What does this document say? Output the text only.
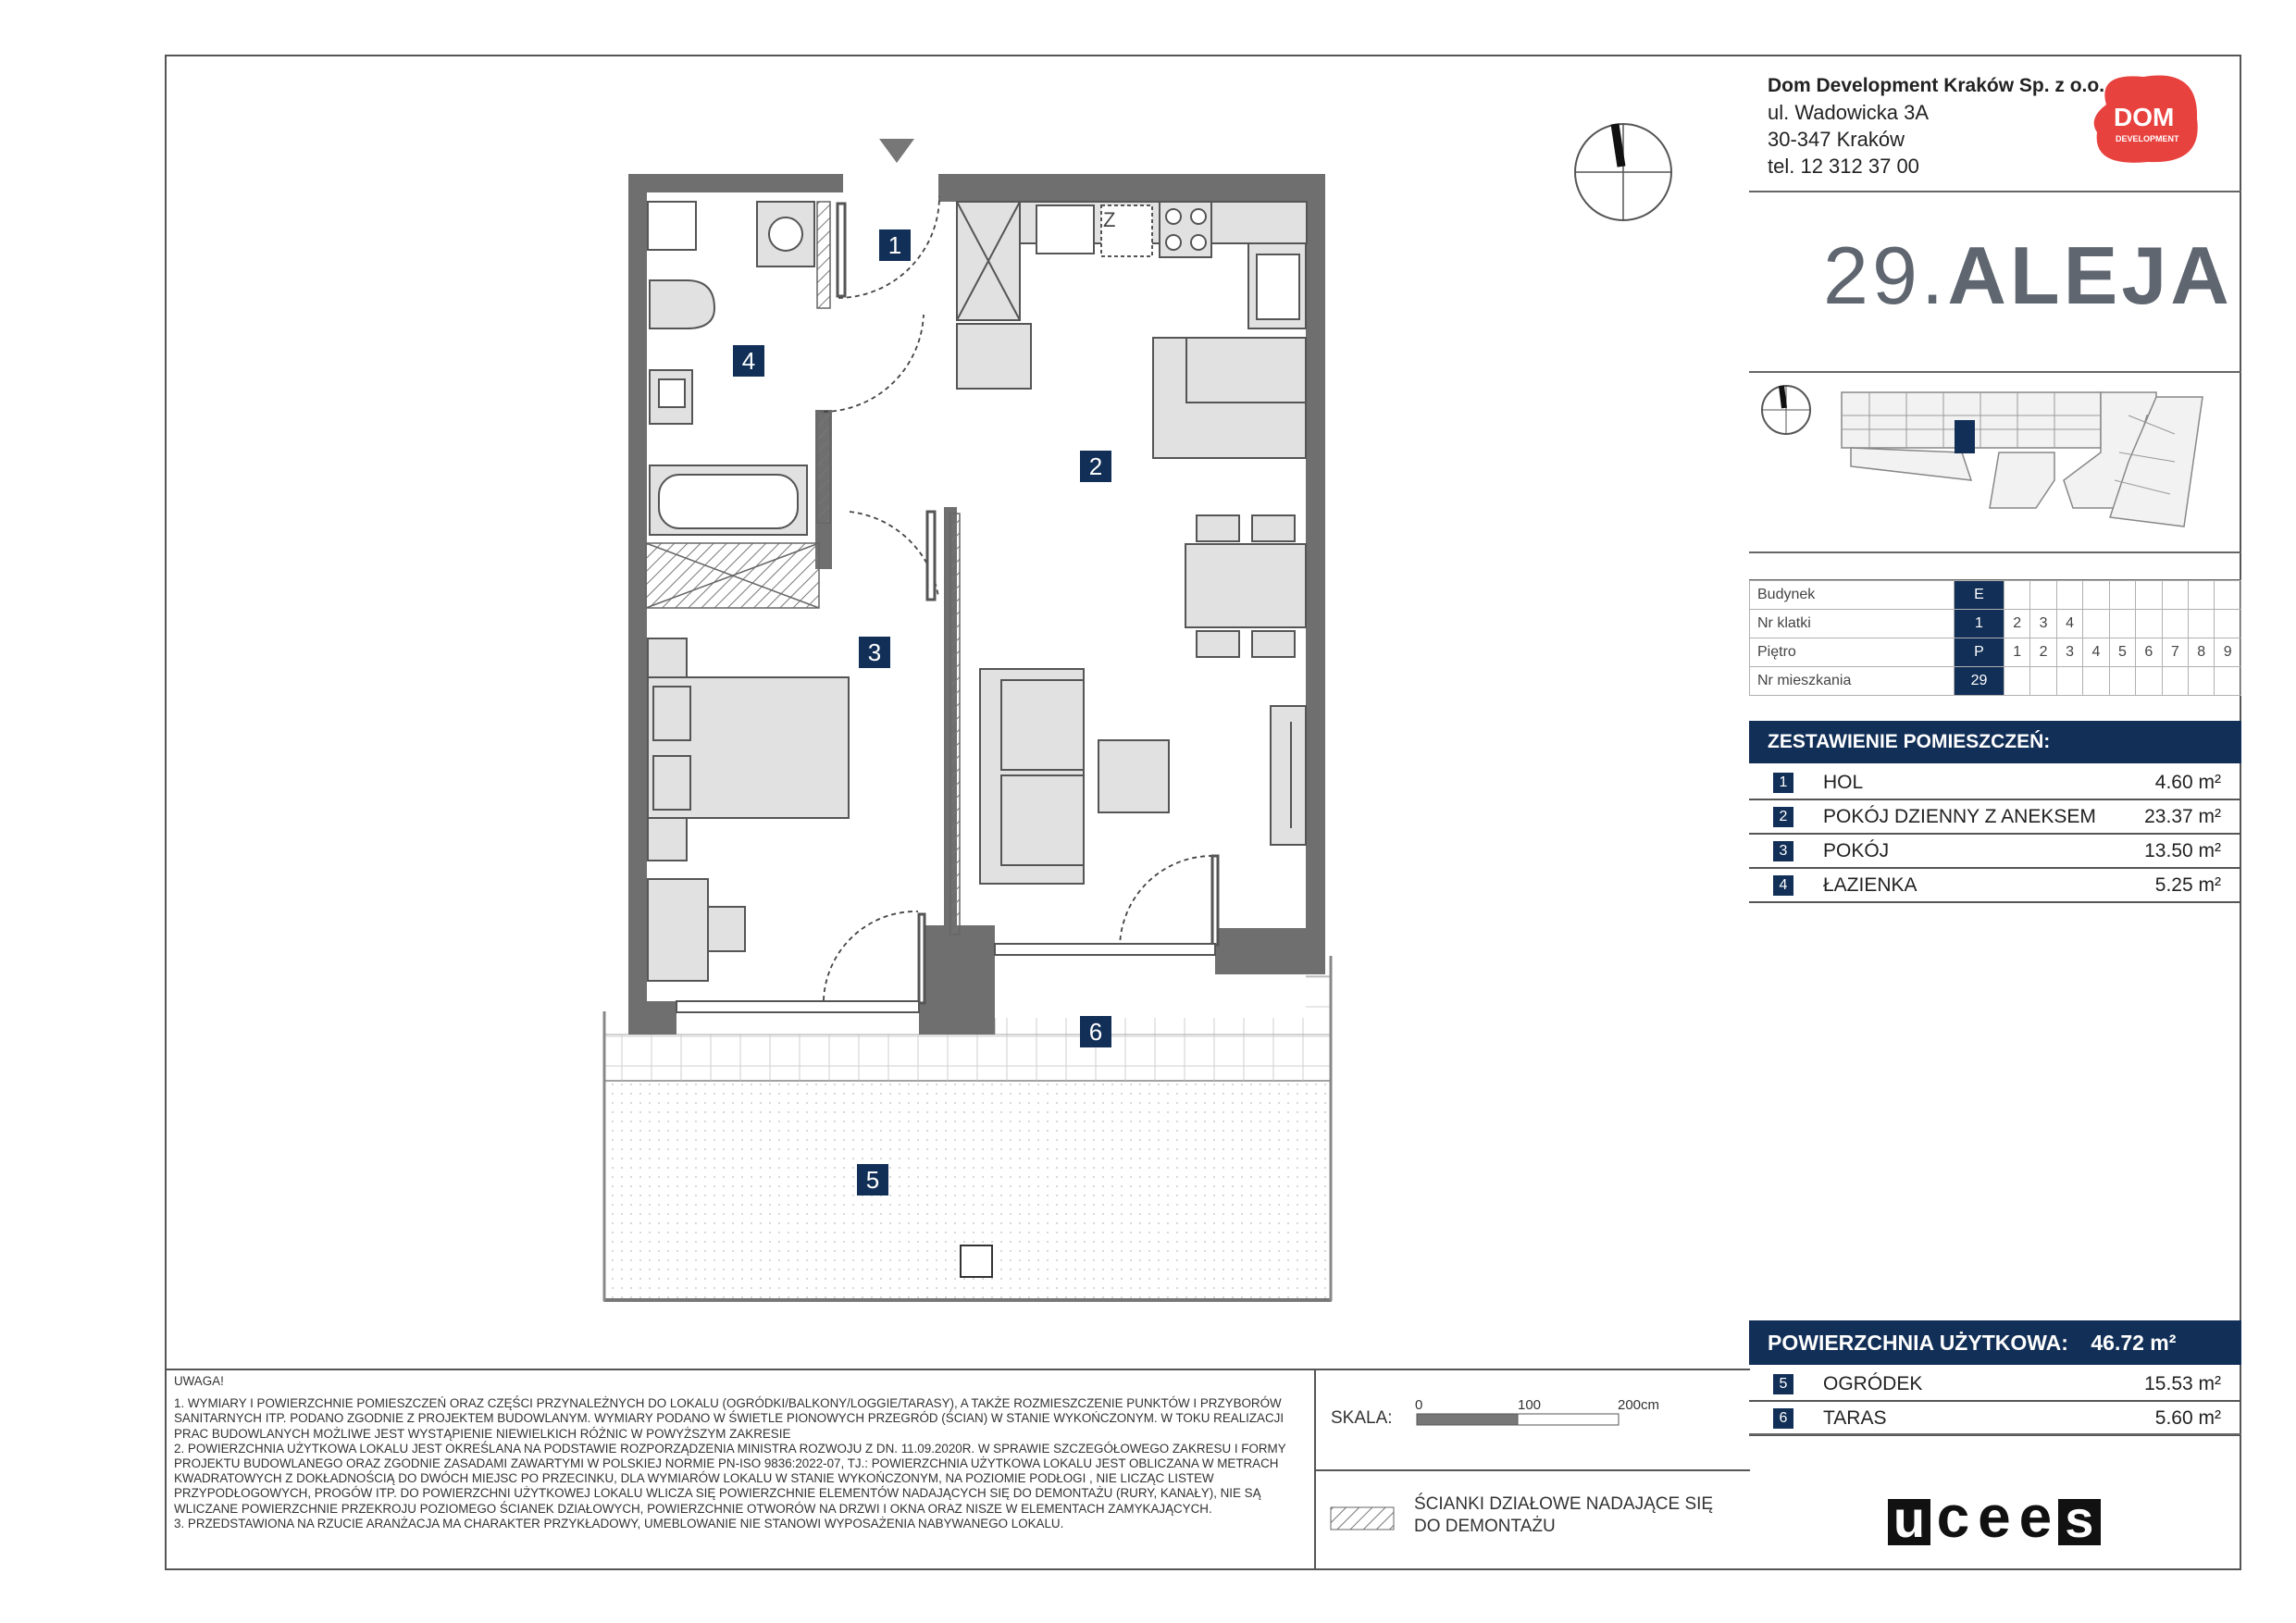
Z
1
2
3
4
5
6
Dom Development Kraków Sp. z o.o.
ul. Wadowicka 3A
30-347 Kraków
tel. 12 312 37 00
DOM
DEVELOPMENT
29.ALEJA
Budynek	E									
Nr klatki	1	2	3	4						
Piętro	P	1	2	3	4	5	6	7	8	9
Nr mieszkania	29									
ZESTAWIENIE POMIESZCZEŃ:
1	HOL	4.60 m²
2	POKÓJ DZIENNY Z ANEKSEM 23.37 m²
3	POKÓJ	13.50 m²
4	ŁAZIENKA	5.25 m²
POWIERZCHNIA UŻYTKOWA: 46.72 m²
5	OGRÓDEK	15.53 m²
6	TARAS	5.60 m²
u c e e s

UWAGA!

1. WYMIARY I POWIERZCHNIE POMIESZCZEŃ ORAZ CZĘŚCI PRZYNALEŻNYCH DO LOKALU (OGRÓDKI/BALKONY/LOGGIE/TARASY), A TAKŻE ROZMIESZCZENIE PUNKTÓW I PRZYBORÓW SANITARNYCH ITP. PODANO ZGODNIE Z PROJEKTEM BUDOWLANYM. WYMIARY PODANO W ŚWIETLE PIONOWYCH PRZEGRÓD (ŚCIAN) W STANIE WYKOŃCZONYM. W TOKU REALIZACJI PRAC BUDOWLANYCH MOŻLIWE JEST WYSTĄPIENIE NIEWIELKICH RÓŻNIC W POWYŻSZYM ZAKRESIE
2. POWIERZCHNIA UŻYTKOWA LOKALU JEST OKREŚLANA NA PODSTAWIE ROZPORZĄDZENIA MINISTRA ROZWOJU Z DN. 11.09.2020R. W SPRAWIE SZCZEGÓŁOWEGO ZAKRESU I FORMY PROJEKTU BUDOWLANEGO ORAZ ZGODNIE ZASADAMI ZAWARTYMI W POLSKIEJ NORMIE PN-ISO 9836:2022-07, TJ.: POWIERZCHNIA UŻYTKOWA LOKALU JEST OBLICZANA W METRACH KWADRATOWYCH Z DOKŁADNOŚCIĄ DO DWÓCH MIEJSC PO PRZECINKU, DLA WYMIARÓW LOKALU W STANIE WYKOŃCZONYM, NA POZIOMIE PODŁOGI , NIE LICZĄC LISTEW PRZYPODŁOGOWYCH, PROGÓW ITP. DO POWIERZCHNI UŻYTKOWEJ LOKALU WLICZA SIĘ POWIERZCHNIE ELEMENTÓW NADAJĄCYCH SIĘ DO DEMONTAŻU (RURY, KANAŁY), NIE SĄ WLICZANE POWIERZCHNIE PRZEKROJU POZIOMEGO ŚCIANEK DZIAŁOWYCH, POWIERZCHNIE OTWORÓW NA DRZWI I OKNA ORAZ NISZE W ELEMENTACH ZAMYKAJĄCYCH.
3. PRZEDSTAWIONA NA RZUCIE ARANŻACJA MA CHARAKTER PRZYKŁADOWY, UMEBLOWANIE NIE STANOWI WYPOSAŻENIA NABYWANEGO LOKALU.
SKALA:
0	100	200cm
ŚCIANKI DZIAŁOWE NADAJĄCE SIĘ
DO DEMONTAŻU
